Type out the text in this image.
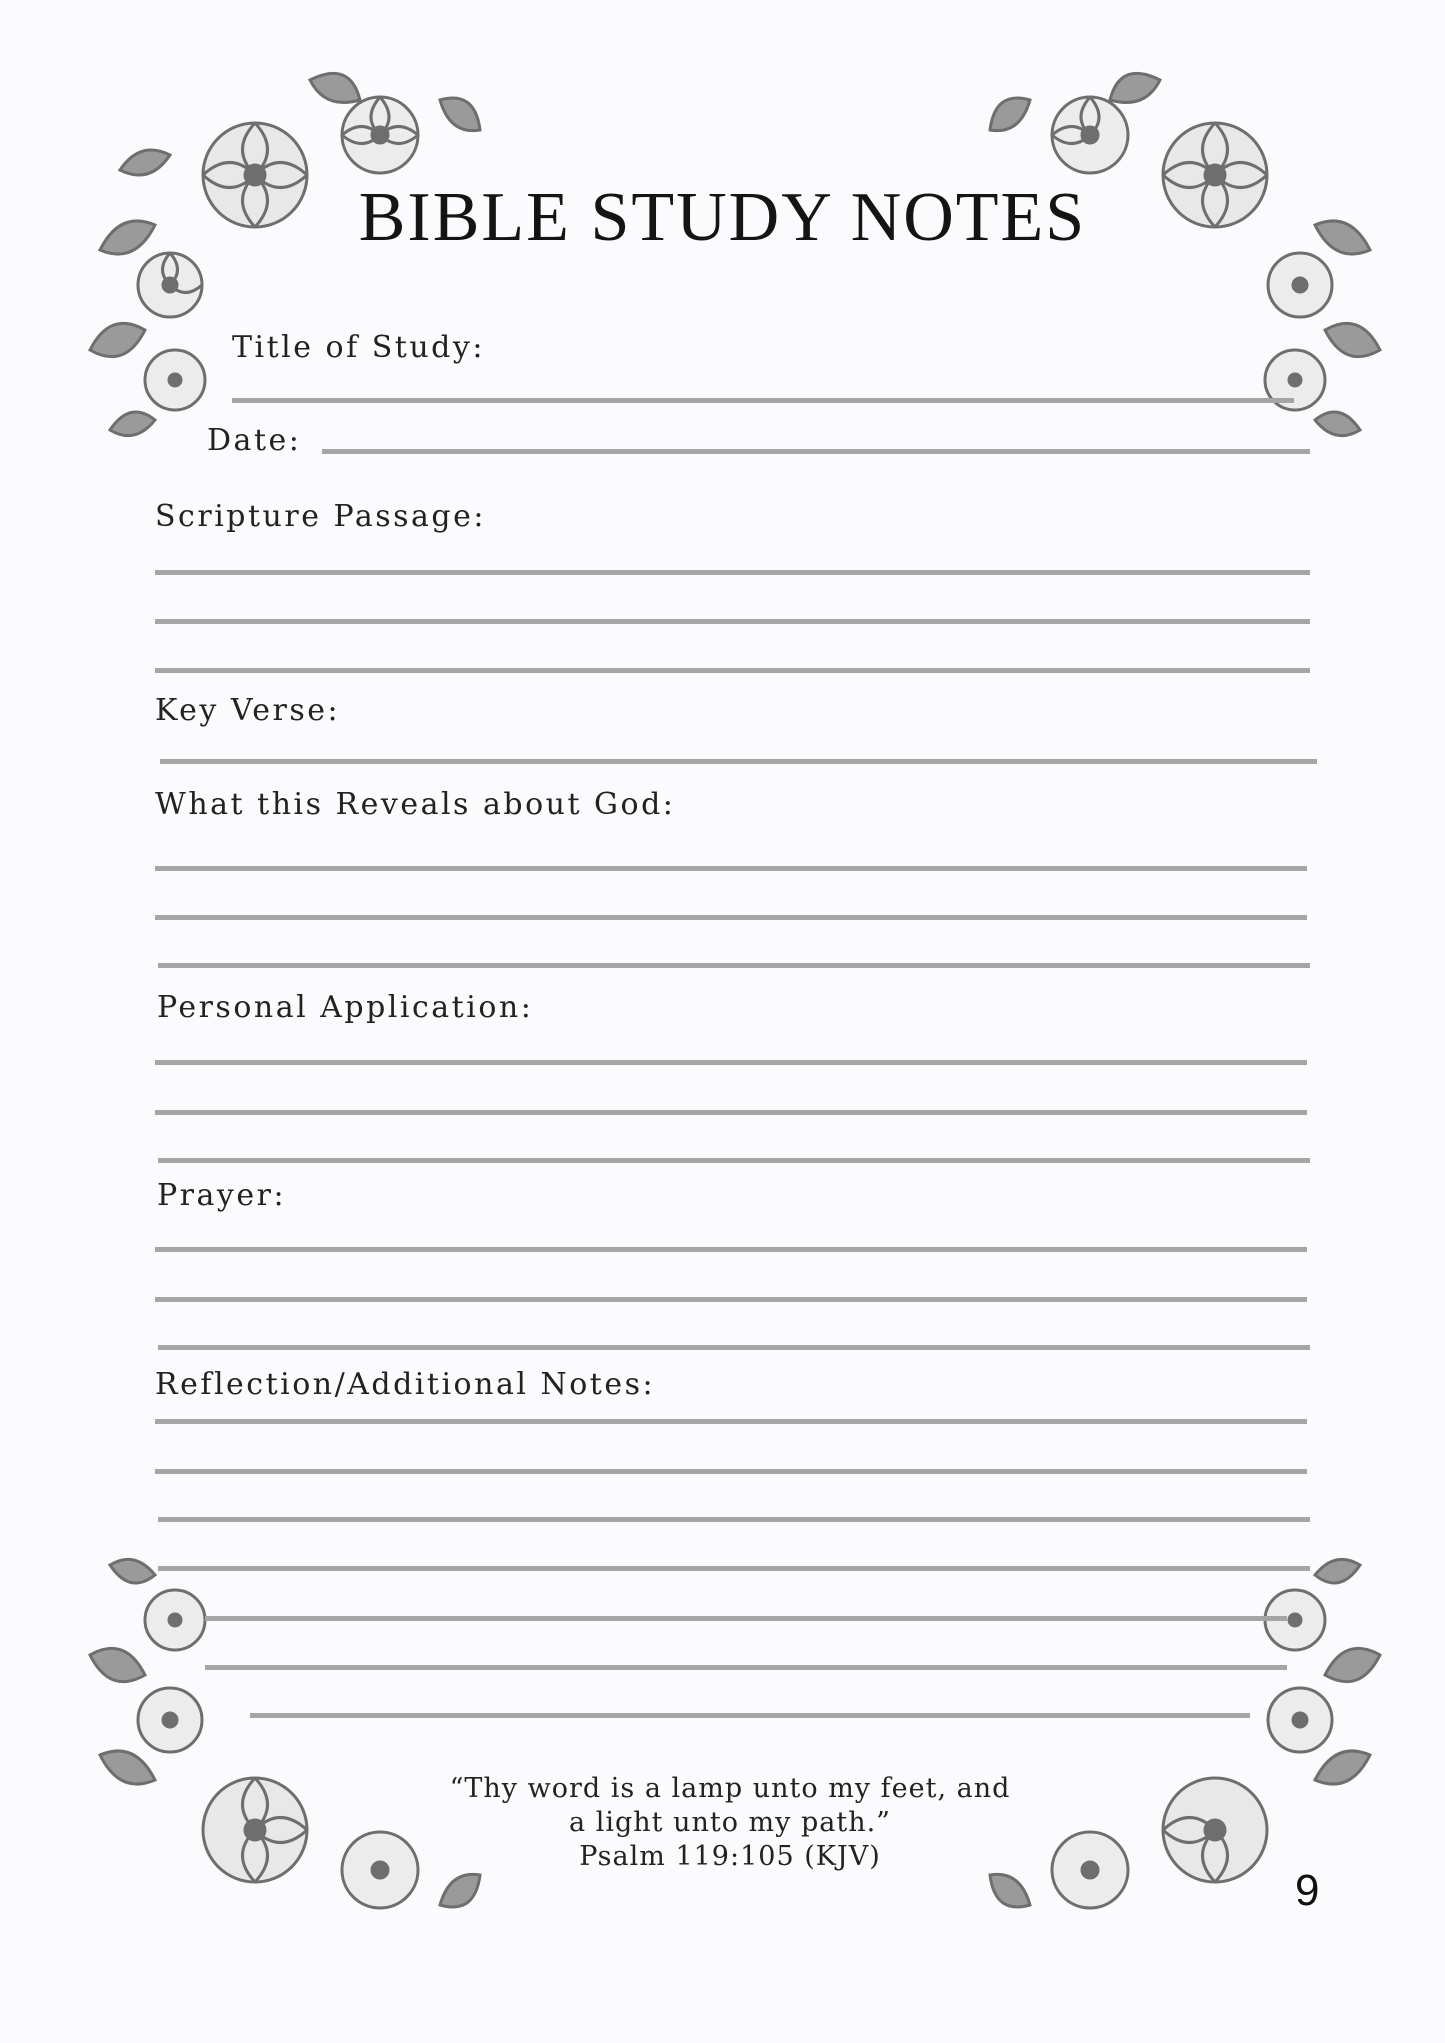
BIBLE STUDY NOTES
Title of Study:
Date:
Scripture Passage:
Key Verse:
What this Reveals about God:
Personal Application:
Prayer:
Reflection/Additional Notes:
“Thy word is a lamp unto my feet, and
a light unto my path.”
Psalm 119:105 (KJV)
9
